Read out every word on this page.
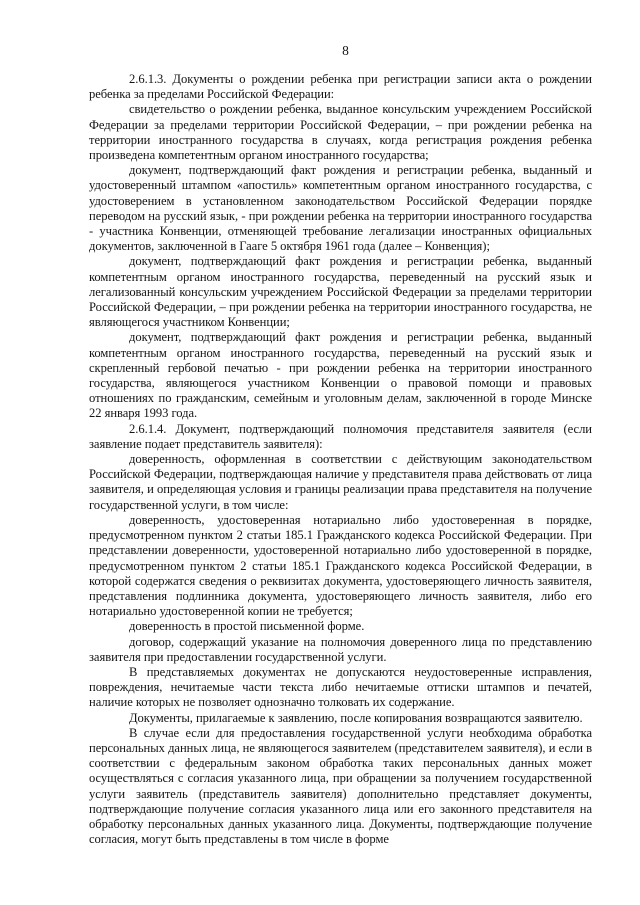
8

2.6.1.3. Документы о рождении ребенка при регистрации записи акта о рождении ребенка за пределами Российской Федерации:

свидетельство о рождении ребенка, выданное консульским учреждением Российской Федерации за пределами территории Российской Федерации, – при рождении ребенка на территории иностранного государства в случаях, когда регистрация рождения ребенка произведена компетентным органом иностранного государства;

документ, подтверждающий факт рождения и регистрации ребенка, выданный и удостоверенный штампом «апостиль» компетентным органом иностранного государства, с удостоверением в установленном законодательством Российской Федерации порядке переводом на русский язык, - при рождении ребенка на территории иностранного государства - участника Конвенции, отменяющей требование легализации иностранных официальных документов, заключенной в Гааге 5 октября 1961 года (далее – Конвенция);

документ, подтверждающий факт рождения и регистрации ребенка, выданный компетентным органом иностранного государства, переведенный на русский язык и легализованный консульским учреждением Российской Федерации за пределами территории Российской Федерации, – при рождении ребенка на территории иностранного государства, не являющегося участником Конвенции;

документ, подтверждающий факт рождения и регистрации ребенка, выданный компетентным органом иностранного государства, переведенный на русский язык и скрепленный гербовой печатью - при рождении ребенка на территории иностранного государства, являющегося участником Конвенции о правовой помощи и правовых отношениях по гражданским, семейным и уголовным делам, заключенной в городе Минске 22 января 1993 года.

2.6.1.4. Документ, подтверждающий полномочия представителя заявителя (если заявление подает представитель заявителя):

доверенность, оформленная в соответствии с действующим законодательством Российской Федерации, подтверждающая наличие у представителя права действовать от лица заявителя, и определяющая условия и границы реализации права представителя на получение государственной услуги, в том числе:

доверенность, удостоверенная нотариально либо удостоверенная в порядке, предусмотренном пунктом 2 статьи 185.1 Гражданского кодекса Российской Федерации. При представлении доверенности, удостоверенной нотариально либо удостоверенной в порядке, предусмотренном пунктом 2 статьи 185.1 Гражданского кодекса Российской Федерации, в которой содержатся сведения о реквизитах документа, удостоверяющего личность заявителя, представления подлинника документа, удостоверяющего личность заявителя, либо его нотариально удостоверенной копии не требуется;

доверенность в простой письменной форме.

договор, содержащий указание на полномочия доверенного лица по представлению заявителя при предоставлении государственной услуги.

В представляемых документах не допускаются неудостоверенные исправления, повреждения, нечитаемые части текста либо нечитаемые оттиски штампов и печатей, наличие которых не позволяет однозначно толковать их содержание.

Документы, прилагаемые к заявлению, после копирования возвращаются заявителю.

В случае если для предоставления государственной услуги необходима обработка персональных данных лица, не являющегося заявителем (представителем заявителя), и если в соответствии с федеральным законом обработка таких персональных данных может осуществляться с согласия указанного лица, при обращении за получением государственной услуги заявитель (представитель заявителя) дополнительно представляет документы, подтверждающие получение согласия указанного лица или его законного представителя на обработку персональных данных указанного лица. Документы, подтверждающие получение согласия, могут быть представлены в том числе в форме
